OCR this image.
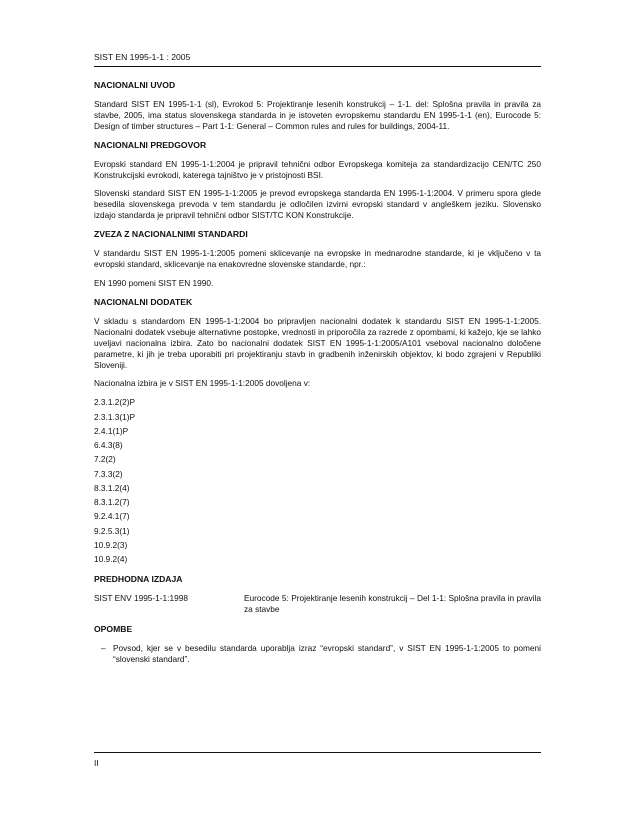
SIST EN 1995-1-1 : 2005
NACIONALNI UVOD

Standard SIST EN 1995-1-1 (sl), Evrokod 5: Projektiranje lesenih konstrukcij – 1-1. del: Splošna pravila in pravila za stavbe, 2005, ima status slovenskega standarda in je istoveten evropskemu standardu EN 1995-1-1 (en), Eurocode 5: Design of timber structures – Part 1-1: General – Common rules and rules for buildings, 2004-11.

NACIONALNI PREDGOVOR

Evropski standard EN 1995-1-1:2004 je pripravil tehnični odbor Evropskega komiteja za standardizacijo CEN/TC 250 Konstrukcijski evrokodi, katerega tajništvo je v pristojnosti BSI.

Slovenski standard SIST EN 1995-1-1:2005 je prevod evropskega standarda EN 1995-1-1:2004. V primeru spora glede besedila slovenskega prevoda v tem standardu je odločilen izvirni evropski standard v angleškem jeziku. Slovensko izdajo standarda je pripravil tehnični odbor SIST/TC KON Konstrukcije.

ZVEZA Z NACIONALNIMI STANDARDI

V standardu SIST EN 1995-1-1:2005 pomeni sklicevanje na evropske in mednarodne standarde, ki je vključeno v ta evropski standard, sklicevanje na enakovredne slovenske standarde, npr.:

EN 1990 pomeni SIST EN 1990.

NACIONALNI DODATEK

V skladu s standardom EN 1995-1-1:2004 bo pripravljen nacionalni dodatek k standardu SIST EN 1995-1-1:2005. Nacionalni dodatek vsebuje alternativne postopke, vrednosti in priporočila za razrede z opombami, ki kažejo, kje se lahko uveljavi nacionalna izbira. Zato bo nacionalni dodatek SIST EN 1995-1-1:2005/A101 vseboval nacionalno določene parametre, ki jih je treba uporabiti pri projektiranju stavb in gradbenih inženirskih objektov, ki bodo zgrajeni v Republiki Sloveniji.

Nacionalna izbira je v SIST EN 1995-1-1:2005 dovoljena v:

2.3.1.2(2)P
2.3.1.3(1)P
2.4.1(1)P
6.4.3(8)
7.2(2)
7.3.3(2)
8.3.1.2(4)
8.3.1.2(7)
9.2.4.1(7)
9.2.5.3(1)
10.9.2(3)
10.9.2(4)
PREDHODNA IZDAJA
SIST ENV 1995-1-1:1998	Eurocode 5: Projektiranje lesenih konstrukcij – Del 1-1: Splošna pravila in pravila za stavbe
OPOMBE
– Povsod, kjer se v besedilu standarda uporablja izraz “evropski standard”, v SIST EN 1995-1-1:2005 to pomeni “slovenski standard”.
II
